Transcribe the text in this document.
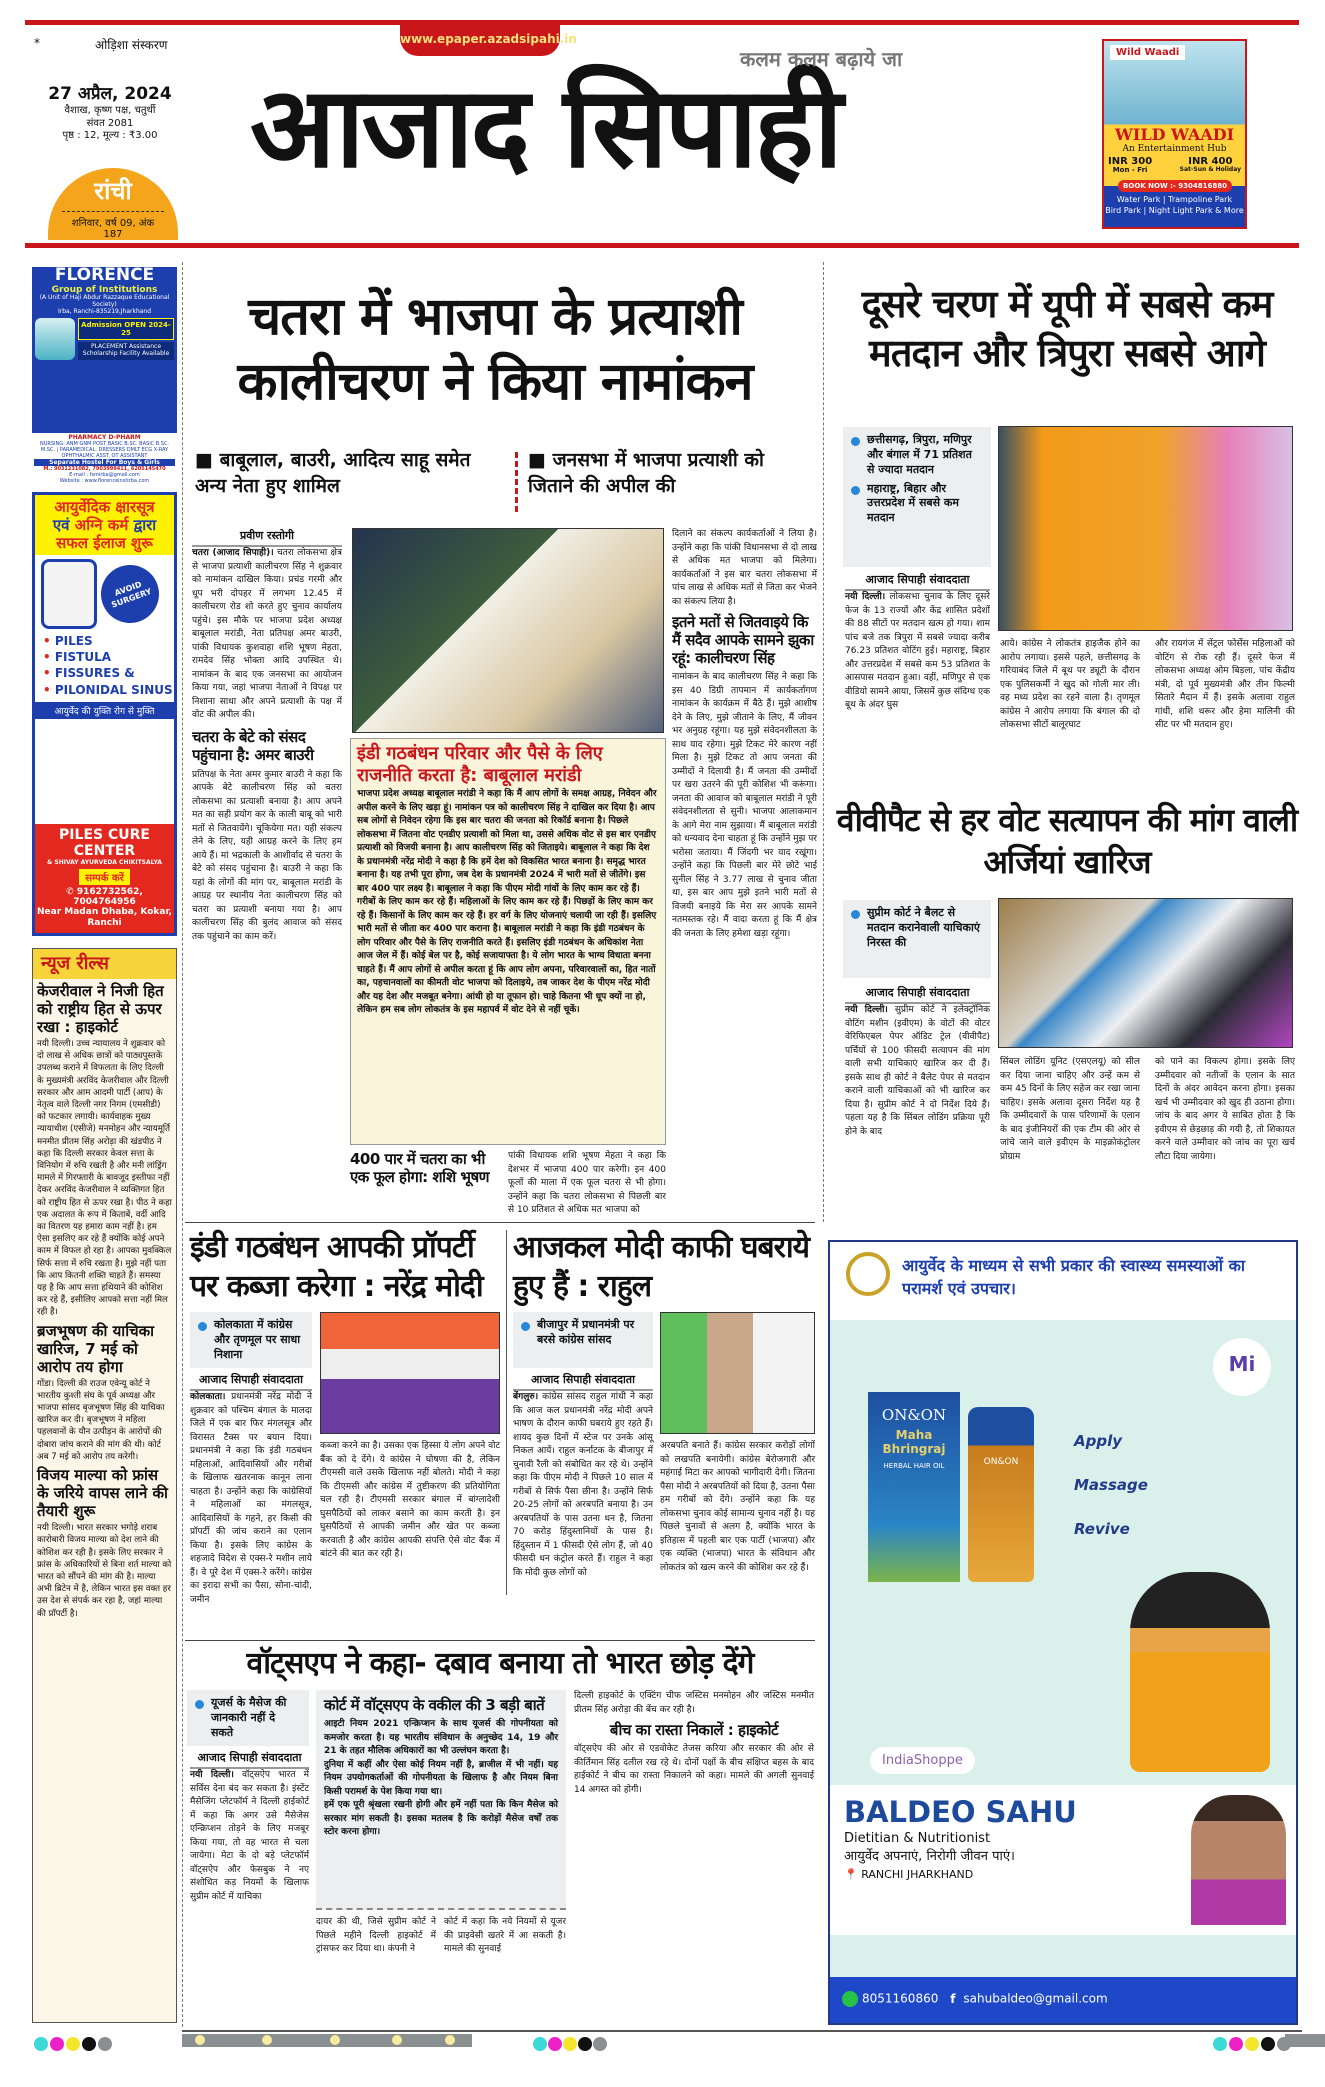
*	ओड़िशा संस्करण	www.epaper.azadsipahi.in
27 अप्रैल, 2024
वैशाख, कृष्ण पक्ष, चतुर्थी
संवत 2081
पृष्ठ : 12, मूल्य : ₹3.00
रांची
शनिवार, वर्ष 09, अंक 187
आजाद सिपाही
कलम कलम बढ़ाये जा	Wild Waadi
WILD WAADI
An Entertainment Hub
INR 300
Mon - Fri
INR 400
Sat-Sun & Holiday
BOOK NOW :- 9304816880
Water Park | Trampoline Park
Bird Park | Night Light Park & More
FLORENCE
Group of Institutions
(A Unit of Haji Abdur Razzaque Educational Society)
Irba, Ranchi-835219,Jharkhand
Admission OPEN 2024-25
PLACEMENT Assistance Scholarship Facility Available
PHARMACY D-PHARM
NURSING: ANM GNM POST BASIC B.SC. BASIC B.SC. M.SC. | PARAMEDICAL: DRESSERS DMLT ECG X-RAY OPHTHALMIC ASST. OT ASSISTANT
Separate Hostel For Boys & Girls
M.: 9031231082, 7903999411, 6205145470
E-mail : fsmirba@gmail.com
Website : www.florenceinstirba.com
आयुर्वेदिक क्षारसूत्र
एवं अग्नि कर्म द्वारा
सफल ईलाज शुरू
AVOID SURGERY
• PILES
• FISTULA
• FISSURES &
• PILONIDAL SINUS
आयुर्वेद की युक्ति रोग से मुक्ति
PILES CURE CENTER
& SHIVAY AYURVEDA CHIKITSALYA
सम्पर्क करें
✆ 9162732562, 7004764956
Near Madan Dhaba, Kokar, Ranchi
न्यूज रील्स
केजरीवाल ने निजी हित को राष्ट्रीय हित से ऊपर रखा : हाइकोर्ट

नयी दिल्ली। उच्च न्यायालय ने शुक्रवार को दो लाख से अधिक छात्रों को पाठ्यपुस्तकें उपलब्ध कराने में विफलता के लिए दिल्ली के मुख्यमंत्री अरविंद केजरीवाल और दिल्ली सरकार और आम आदमी पार्टी (आप) के नेतृत्व वाले दिल्ली नगर निगम (एमसीडी) को फटकार लगायी। कार्यवाहक मुख्य न्यायाधीश (एसीजे) मनमोहन और न्यायमूर्ति मनमीत प्रीतम सिंह अरोड़ा की खंडपीठ ने कहा कि दिल्ली सरकार केवल सत्ता के विनियोग में रुचि रखती है और मनी लांड्रिंग मामले में गिरफ्तारी के बावजूद इस्तीफा नहीं देकर अरविंद केजरीवाल ने व्यक्तिगत हित को राष्ट्रीय हित से ऊपर रखा है। पीठ ने कहा एक अदालत के रूप में किताबें, वर्दी आदि का वितरण यह हमारा काम नहीं है। हम ऐसा इसलिए कर रहे हैं क्योंकि कोई अपने काम में विफल हो रहा है। आपका मुवक्किल सिर्फ सत्ता में रुचि रखता है। मुझे नहीं पता कि आप कितनी शक्ति चाहते हैं। समस्या यह है कि आप सत्ता हथियाने की कोशिश कर रहे हैं, इसीलिए आपको सत्ता नहीं मिल रही है।

ब्रजभूषण की याचिका खारिज, 7 मई को आरोप तय होगा

गोंडा। दिल्ली की राउज एवेन्यू कोर्ट ने भारतीय कुश्ती संघ के पूर्व अध्यक्ष और भाजपा सांसद बृजभूषण सिंह की याचिका खारिज कर दी। बृजभूषण ने महिला पहलवानों के यौन उत्पीड़न के आरोपों की दोबारा जांच कराने की मांग की थी। कोर्ट अब 7 मई को आरोप तय करेगी।

विजय माल्या को फ्रांस के जरिये वापस लाने की तैयारी शुरू

नयी दिल्ली। भारत सरकार भगोड़े शराब कारोबारी विजय माल्या को देश लाने की कोशिश कर रही है। इसके लिए सरकार ने फ्रांस के अधिकारियों से बिना शर्त माल्या को भारत को सौंपने की मांग की है। माल्या अभी ब्रिटेन में है, लेकिन भारत इस वक्त हर उस देश से संपर्क कर रहा है, जहां माल्या की प्रॉपर्टी है।

चतरा में भाजपा के प्रत्याशी कालीचरण ने किया नामांकन
■ बाबूलाल, बाउरी, आदित्य साहू समेत अन्य नेता हुए शामिल
■ जनसभा में भाजपा प्रत्याशी को जिताने की अपील की
प्रवीण रस्तोगी

चतरा (आजाद सिपाही)। चतरा लोकसभा क्षेत्र से भाजपा प्रत्याशी कालीचरण सिंह ने शुक्रवार को नामांकन दाखिल किया। प्रचंड गरमी और धूप भरी दोपहर में लगभग 12.45 में कालीचरण रोड शो करते हुए चुनाव कार्यालय पहुंचे। इस मौके पर भाजपा प्रदेश अध्यक्ष बाबूलाल मरांडी, नेता प्रतिपक्ष अमर बाउरी, पांकी विधायक कुशवाहा शशि भूषण मेहता, रामदेव सिंह भोक्ता आदि उपस्थित थे। नामांकन के बाद एक जनसभा का आयोजन किया गया, जहां भाजपा नेताओं ने विपक्ष पर निशाना साधा और अपने प्रत्याशी के पक्ष में वोट की अपील की।

चतरा के बेटे को संसद पहुंचाना है: अमर बाउरी

प्रतिपक्ष के नेता अमर कुमार बाउरी ने कहा कि आपके बेटे कालीचरण सिंह को चतरा लोकसभा का प्रत्याशी बनाया है। आप अपने मत का सही प्रयोग कर के काली बाबू को भारी मतों से जितवायेंगे। चूकियेगा मत। यही संकल्प लेने के लिए, यही आग्रह करने के लिए हम आये हैं। मां भद्रकाली के आशीर्वाद से चतरा के बेटे को संसद पहुंचाना है। बाउरी ने कहा कि यहां के लोगों की मांग पर, बाबूलाल मरांडी के आग्रह पर स्थानीय नेता कालीचरण सिंह को चतरा का प्रत्याशी बनाया गया है। आप कालीचरण सिंह की बुलंद आवाज को संसद तक पहुंचाने का काम करें।

इंडी गठबंधन परिवार और पैसे के लिए राजनीति करता है: बाबूलाल मरांडी

भाजपा प्रदेश अध्यक्ष बाबूलाल मरांडी ने कहा कि मैं आप लोगों के समक्ष आग्रह, निवेदन और अपील करने के लिए खड़ा हूं। नामांकन पत्र को कालीचरण सिंह ने दाखिल कर दिया है। आप सब लोगों से निवेदन रहेगा कि इस बार चतरा की जनता को रिकॉर्ड बनाना है। पिछले लोकसभा में जितना वोट एनडीए प्रत्याशी को मिला था, उससे अधिक वोट से इस बार एनडीए प्रत्याशी को विजयी बनाना है। आप कालीचरण सिंह को जिताइये। बाबूलाल ने कहा कि देश के प्रधानमंत्री नरेंद्र मोदी ने कहा है कि हमें देश को विकसित भारत बनाना है। समृद्ध भारत बनाना है। यह तभी पूरा होगा, जब देश के प्रधानमंत्री 2024 में भारी मतों से जीतेंगे। इस बार 400 पार लक्ष्य है। बाबूलाल ने कहा कि पीएम मोदी गांवों के लिए काम कर रहे हैं। गरीबों के लिए काम कर रहे हैं। महिलाओं के लिए काम कर रहे हैं। पिछड़ों के लिए काम कर रहे हैं। किसानों के लिए काम कर रहे हैं। हर वर्ग के लिए योजनाएं चलायी जा रही हैं। इसलिए भारी मतों से जीता कर 400 पार कराना है। बाबूलाल मरांडी ने कहा कि इंडी गठबंधन के लोग परिवार और पैसे के लिए राजनीति करते हैं। इसलिए इंडी गठबंधन के अधिकांश नेता आज जेल में हैं। कोई बेल पर है, कोई सजायाफ्ता है। ये लोग भारत के भाग्य विधाता बनना चाहते हैं। मैं आप लोगों से अपील करता हूं कि आप लोग अपना, परिवारवालों का, हित नातों का, पहचानवालों का कीमती वोट भाजपा को दिलाइये, तब जाकर देश के पीएम नरेंद्र मोदी और यह देश और मजबूत बनेगा। आंधी हो या तूफान हो। चाहे कितना भी धूप क्यों ना हो, लेकिन हम सब लोग लोकतंत्र के इस महापर्व में वोट देने से नहीं चूकें।

400 पार में चतरा का भी एक फूल होगा: शशि भूषण

पांकी विधायक शशि भूषण मेहता ने कहा कि देशभर में भाजपा 400 पार करेगी। इन 400 फूलों की माला में एक फूल चतरा से भी होगा। उन्होंने कहा कि चतरा लोकसभा से पिछली बार से 10 प्रतिशत से अधिक मत भाजपा को

दिलाने का संकल्प कार्यकर्ताओं ने लिया है। उन्होंने कहा कि पांकी विधानसभा से दो लाख से अधिक मत भाजपा को मिलेगा। कार्यकर्ताओं ने इस बार चतरा लोकसभा में पांच लाख से अधिक मतों से जिता कर भेजने का संकल्प लिया है।

इतने मतों से जितवाइये कि मैं सदैव आपके सामने झुका रहूं: कालीचरण सिंह

नामांकन के बाद कालीचरण सिंह ने कहा कि इस 40 डिग्री तापमान में कार्यकर्तागण नामांकन के कार्यक्रम में बैठे हैं। मुझे आशीष देने के लिए, मुझे जीताने के लिए, मैं जीवन भर अनुग्रह रहूंगा। यह मुझे संवेदनशीलता के साथ याद रहेगा। मुझे टिकट मेरे कारण नहीं मिला है। मुझे टिकट तो आप जनता की उम्मीदों ने दिलायी है। मैं जनता की उम्मीदों पर खरा उतरने की पूरी कोशिश भी करूंगा। जनता की आवाज को बाबूलाल मरांडी ने पूरी संवेदनशीलता से सुनी। भाजपा आलाकमान के आगे मेरा नाम सुझाया। मैं बाबूलाल मरांडी को धन्यवाद देना चाहता हूं कि उन्होंने मुझ पर भरोसा जताया। मैं जिंदगी भर याद रखूंगा। उन्होंने कहा कि पिछली बार मेरे छोटे भाई सुनील सिंह ने 3.77 लाख से चुनाव जीता था, इस बार आप मुझे इतने भारी मतों से विजयी बनाइये कि मेरा सर आपके सामने नतमस्तक रहे। मैं वादा करता हूं कि मैं क्षेत्र की जनता के लिए हमेशा खड़ा रहूंगा।

दूसरे चरण में यूपी में सबसे कम मतदान और त्रिपुरा सबसे आगे
छत्तीसगढ़, त्रिपुरा, मणिपुर और बंगाल में 71 प्रतिशत से ज्यादा मतदान
महाराष्ट्र, बिहार और उत्तरप्रदेश में सबसे कम मतदान
आजाद सिपाही संवाददाता

नयी दिल्ली। लोकसभा चुनाव के लिए दूसरे फेज के 13 राज्यों और केंद्र शासित प्रदेशों की 88 सीटों पर मतदान खत्म हो गया। शाम पांच बजे तक त्रिपुरा में सबसे ज्यादा करीब 76.23 प्रतिशत वोटिंग हुई। महाराष्ट्र, बिहार और उत्तरप्रदेश में सबसे कम 53 प्रतिशत के आसपास मतदान हुआ। वहीं, मणिपुर से एक वीडियो सामने आया, जिसमें कुछ संदिग्ध एक बूथ के अंदर घुस

आये। कांग्रेस ने लोकतंत्र हाइजैक होने का आरोप लगाया। इससे पहले, छत्तीसगढ़ के गरियाबंद जिले में बूथ पर ड्यूटी के दौरान एक पुलिसकर्मी ने खुद को गोली मार ली। वह मध्य प्रदेश का रहने वाला है। तृणमूल कांग्रेस ने आरोप लगाया कि बंगाल की दो लोकसभा सीटों बालूरघाट

और रायगंज में सेंट्रल फोर्सेस महिलाओं को वोटिंग से रोक रही हैं। दूसरे फेज में लोकसभा अध्यक्ष ओम बिड़ला, पांच केंद्रीय मंत्री, दो पूर्व मुख्यमंत्री और तीन फिल्मी सितारे मैदान में हैं। इसके अलावा राहुल गांधी, शशि थरूर और हेमा मालिनी की सीट पर भी मतदान हुए।

वीवीपैट से हर वोट सत्यापन की मांग वाली अर्जियां खारिज
सुप्रीम कोर्ट ने बैलट से मतदान करानेवाली याचिकाएं निरस्त की
आजाद सिपाही संवाददाता

नयी दिल्ली। सुप्रीम कोर्ट ने इलेक्ट्रॉनिक वोटिंग मशीन (इवीएम) के वोटों की वोटर वेरिफिएबल पेपर ऑडिट ट्रेल (वीवीपैट) पर्चियों से 100 फीसदी सत्यापन की मांग वाली सभी याचिकाएं खारिज कर दी हैं। इसके साथ ही कोर्ट ने बैलेट पेपर से मतदान कराने वाली याचिकाओं को भी खारिज कर दिया है। सुप्रीम कोर्ट ने दो निर्देश दिये हैं। पहला यह है कि सिंबल लोडिंग प्रक्रिया पूरी होने के बाद

सिंबल लोडिंग यूनिट (एसएलयू) को सील कर दिया जाना चाहिए और उन्हें कम से कम 45 दिनों के लिए सहेज कर रखा जाना चाहिए। इसके अलावा दूसरा निर्देश यह है कि उम्मीदवारों के पास परिणामों के एलान के बाद इंजीनियरों की एक टीम की ओर से जांचे जाने वाले इवीएम के माइक्रोकंट्रोलर प्रोग्राम

को पाने का विकल्प होगा। इसके लिए उम्मीदवार को नतीजों के एलान के सात दिनों के अंदर आवेदन करना होगा। इसका खर्च भी उम्मीदवार को खुद ही उठाना होगा। जांच के बाद अगर ये साबित होता है कि इवीएम से छेड़छाड़ की गयी है, तो शिकायत करने वाले उम्मीवार को जांच का पूरा खर्च लौटा दिया जायेगा।

इंडी गठबंधन आपकी प्रॉपर्टी पर कब्जा करेगा : नरेंद्र मोदी
कोलकाता में कांग्रेस और तृणमूल पर साधा निशाना
आजाद सिपाही संवाददाता

कोलकाता। प्रधानमंत्री नरेंद्र मोदी ने शुक्रवार को पश्चिम बंगाल के मालदा जिले में एक बार फिर मंगलसूत्र और विरासत टैक्स पर बयान दिया। प्रधानमंत्री ने कहा कि इंडी गठबंधन महिलाओं, आदिवासियों और गरीबों के खिलाफ खतरनाक कानून लाना चाहता है। उन्होंने कहा कि कांग्रेसियों ने महिलाओं का मंगलसूत्र, आदिवासियों के गहने, हर किसी की प्रॉपर्टी की जांच कराने का एलान किया है। इसके लिए कांग्रेस के शहजादे विदेश से एक्स-रे मशीन लाये हैं। वे पूरे देश में एक्स-रे करेंगे। कांग्रेस का इरादा सभी का पैसा, सोना-चांदी, जमीन

कब्जा करने का है। उसका एक हिस्सा ये लोग अपने वोट बैंक को दे देंगे। ये कांग्रेस ने घोषणा की है, लेकिन टीएमसी वाले उसके खिलाफ नहीं बोलते। मोदी ने कहा कि टीएमसी और कांग्रेस में तुष्टीकरण की प्रतियोगिता चल रही है। टीएमसी सरकार बंगाल में बांग्लादेशी घुसपैठियों को लाकर बसाने का काम करती है। इन घुसपैठियों से आपकी जमीन और खेत पर कब्जा करवाती है और कांग्रेस आपकी संपत्ति ऐसे वोट बैंक में बांटने की बात कर रही है।

आजकल मोदी काफी घबराये हुए हैं : राहुल
बीजापुर में प्रधानमंत्री पर बरसे कांग्रेस सांसद
आजाद सिपाही संवाददाता

बेंगलुरु। कांग्रेस सांसद राहुल गांधी ने कहा कि आज कल प्रधानमंत्री नरेंद्र मोदी अपने भाषण के दौरान काफी घबराये हुए रहते हैं। शायद कुछ दिनों में स्टेज पर उनके आंसू निकल आयें। राहुल कर्नाटक के बीजापुर में चुनावी रैली को संबोधित कर रहे थे। उन्होंने कहा कि पीएम मोदी ने पिछले 10 साल में गरीबों से सिर्फ पैसा छीना है। उन्होंने सिर्फ 20-25 लोगों को अरबपति बनाया है। उन अरबपतियों के पास उतना धन है, जितना 70 करोड़ हिंदुस्तानियों के पास है। हिंदुस्तान में 1 फीसदी ऐसे लोग हैं, जो 40 फीसदी धन कंट्रोल करते हैं। राहुल ने कहा कि मोदी कुछ लोगों को

अरबपति बनाते हैं। कांग्रेस सरकार करोड़ों लोगों को लखपति बनायेगी। कांग्रेस बेरोजगारी और महंगाई मिटा कर आपको भागीदारी देगी। जितना पैसा मोदी ने अरबपतियों को दिया है, उतना पैसा हम गरीबों को देंगे। उन्होंने कहा कि यह लोकसभा चुनाव कोई सामान्य चुनाव नहीं है। यह पिछले चुनावों से अलग है, क्योंकि भारत के इतिहास में पहली बार एक पार्टी (भाजपा) और एक व्यक्ति (भाजपा) भारत के संविधान और लोकतंत्र को खत्म करने की कोशिश कर रहे हैं।

वॉट्सएप ने कहा- दबाव बनाया तो भारत छोड़ देंगे
यूजर्स के मैसेज की जानकारी नहीं दे सकते
आजाद सिपाही संवाददाता

नयी दिल्ली। वॉट्सऐप भारत में सर्विस देना बंद कर सकता है। इंस्टेंट मैसेजिंग प्लेटफॉर्म ने दिल्ली हाईकोर्ट में कहा कि अगर उसे मैसेजेस एन्क्रिप्शन तोड़ने के लिए मजबूर किया गया, तो वह भारत से चला जायेगा। मेटा के दो बड़े प्लेटफॉर्म वॉट्सऐप और फेसबुक ने नए संशोधित कड़ नियमों के खिलाफ सुप्रीम कोर्ट में याचिका

कोर्ट में वॉट्सएप के वकील की 3 बड़ी बातें

आइटी नियम 2021 एन्क्रिप्शन के साथ यूजर्स की गोपनीयता को कमजोर करता है। यह भारतीय संविधान के अनुच्छेद 14, 19 और 21 के तहत मौलिक अधिकारों का भी उल्लंघन करता है।

दुनिया में कहीं और ऐसा कोई नियम नहीं है, ब्राजील में भी नहीं। यह नियम उपयोगकर्ताओं की गोपनीयता के खिलाफ है और नियम बिना किसी परामर्श के पेश किया गया था।

हमें एक पूरी श्रृंखला रखनी होगी और हमें नहीं पता कि किन मैसेज को सरकार मांग सकती है। इसका मतलब है कि करोड़ों मैसेज वर्षों तक स्टोर करना होगा।

दायर की थी, जिसे सुप्रीम कोर्ट ने पिछले महीने दिल्ली हाइकोर्ट में ट्रांसफर कर दिया था। कंपनी ने

कोर्ट में कहा कि नये नियमों से यूजर की प्राइवेसी खतरे में आ सकती है। मामले की सुनवाई

दिल्ली हाइकोर्ट के एक्टिंग चीफ जस्टिस मनमोहन और जस्टिस मनमीत प्रीतम सिंह अरोड़ा की बेंच कर रही है।

बीच का रास्ता निकालें : हाइकोर्ट

वॉट्सऐप की ओर से एडवोकेट तेजस करिया और सरकार की ओर से कीर्तिमान सिंह दलील रख रहे थे। दोनों पक्षों के बीच संक्षिप्त बहस के बाद हाईकोर्ट ने बीच का रास्ता निकालने को कहा। मामले की अगली सुनवाई 14 अगस्त को होगी।

आयुर्वेद के माध्यम से सभी प्रकार की स्वास्थ्य समस्याओं का परामर्श एवं उपचार।
Mi
ON&ON
Maha Bhringraj
HERBAL HAIR OIL	ON&ON
Apply
Massage
Revive
IndiaShoppe
BALDEO SAHU
Dietitian & Nutritionist
आयुर्वेद अपनाएं, निरोगी जीवन पाएं।
📍 RANCHI JHARKHAND
8051160860 f sahubaldeo@gmail.com
